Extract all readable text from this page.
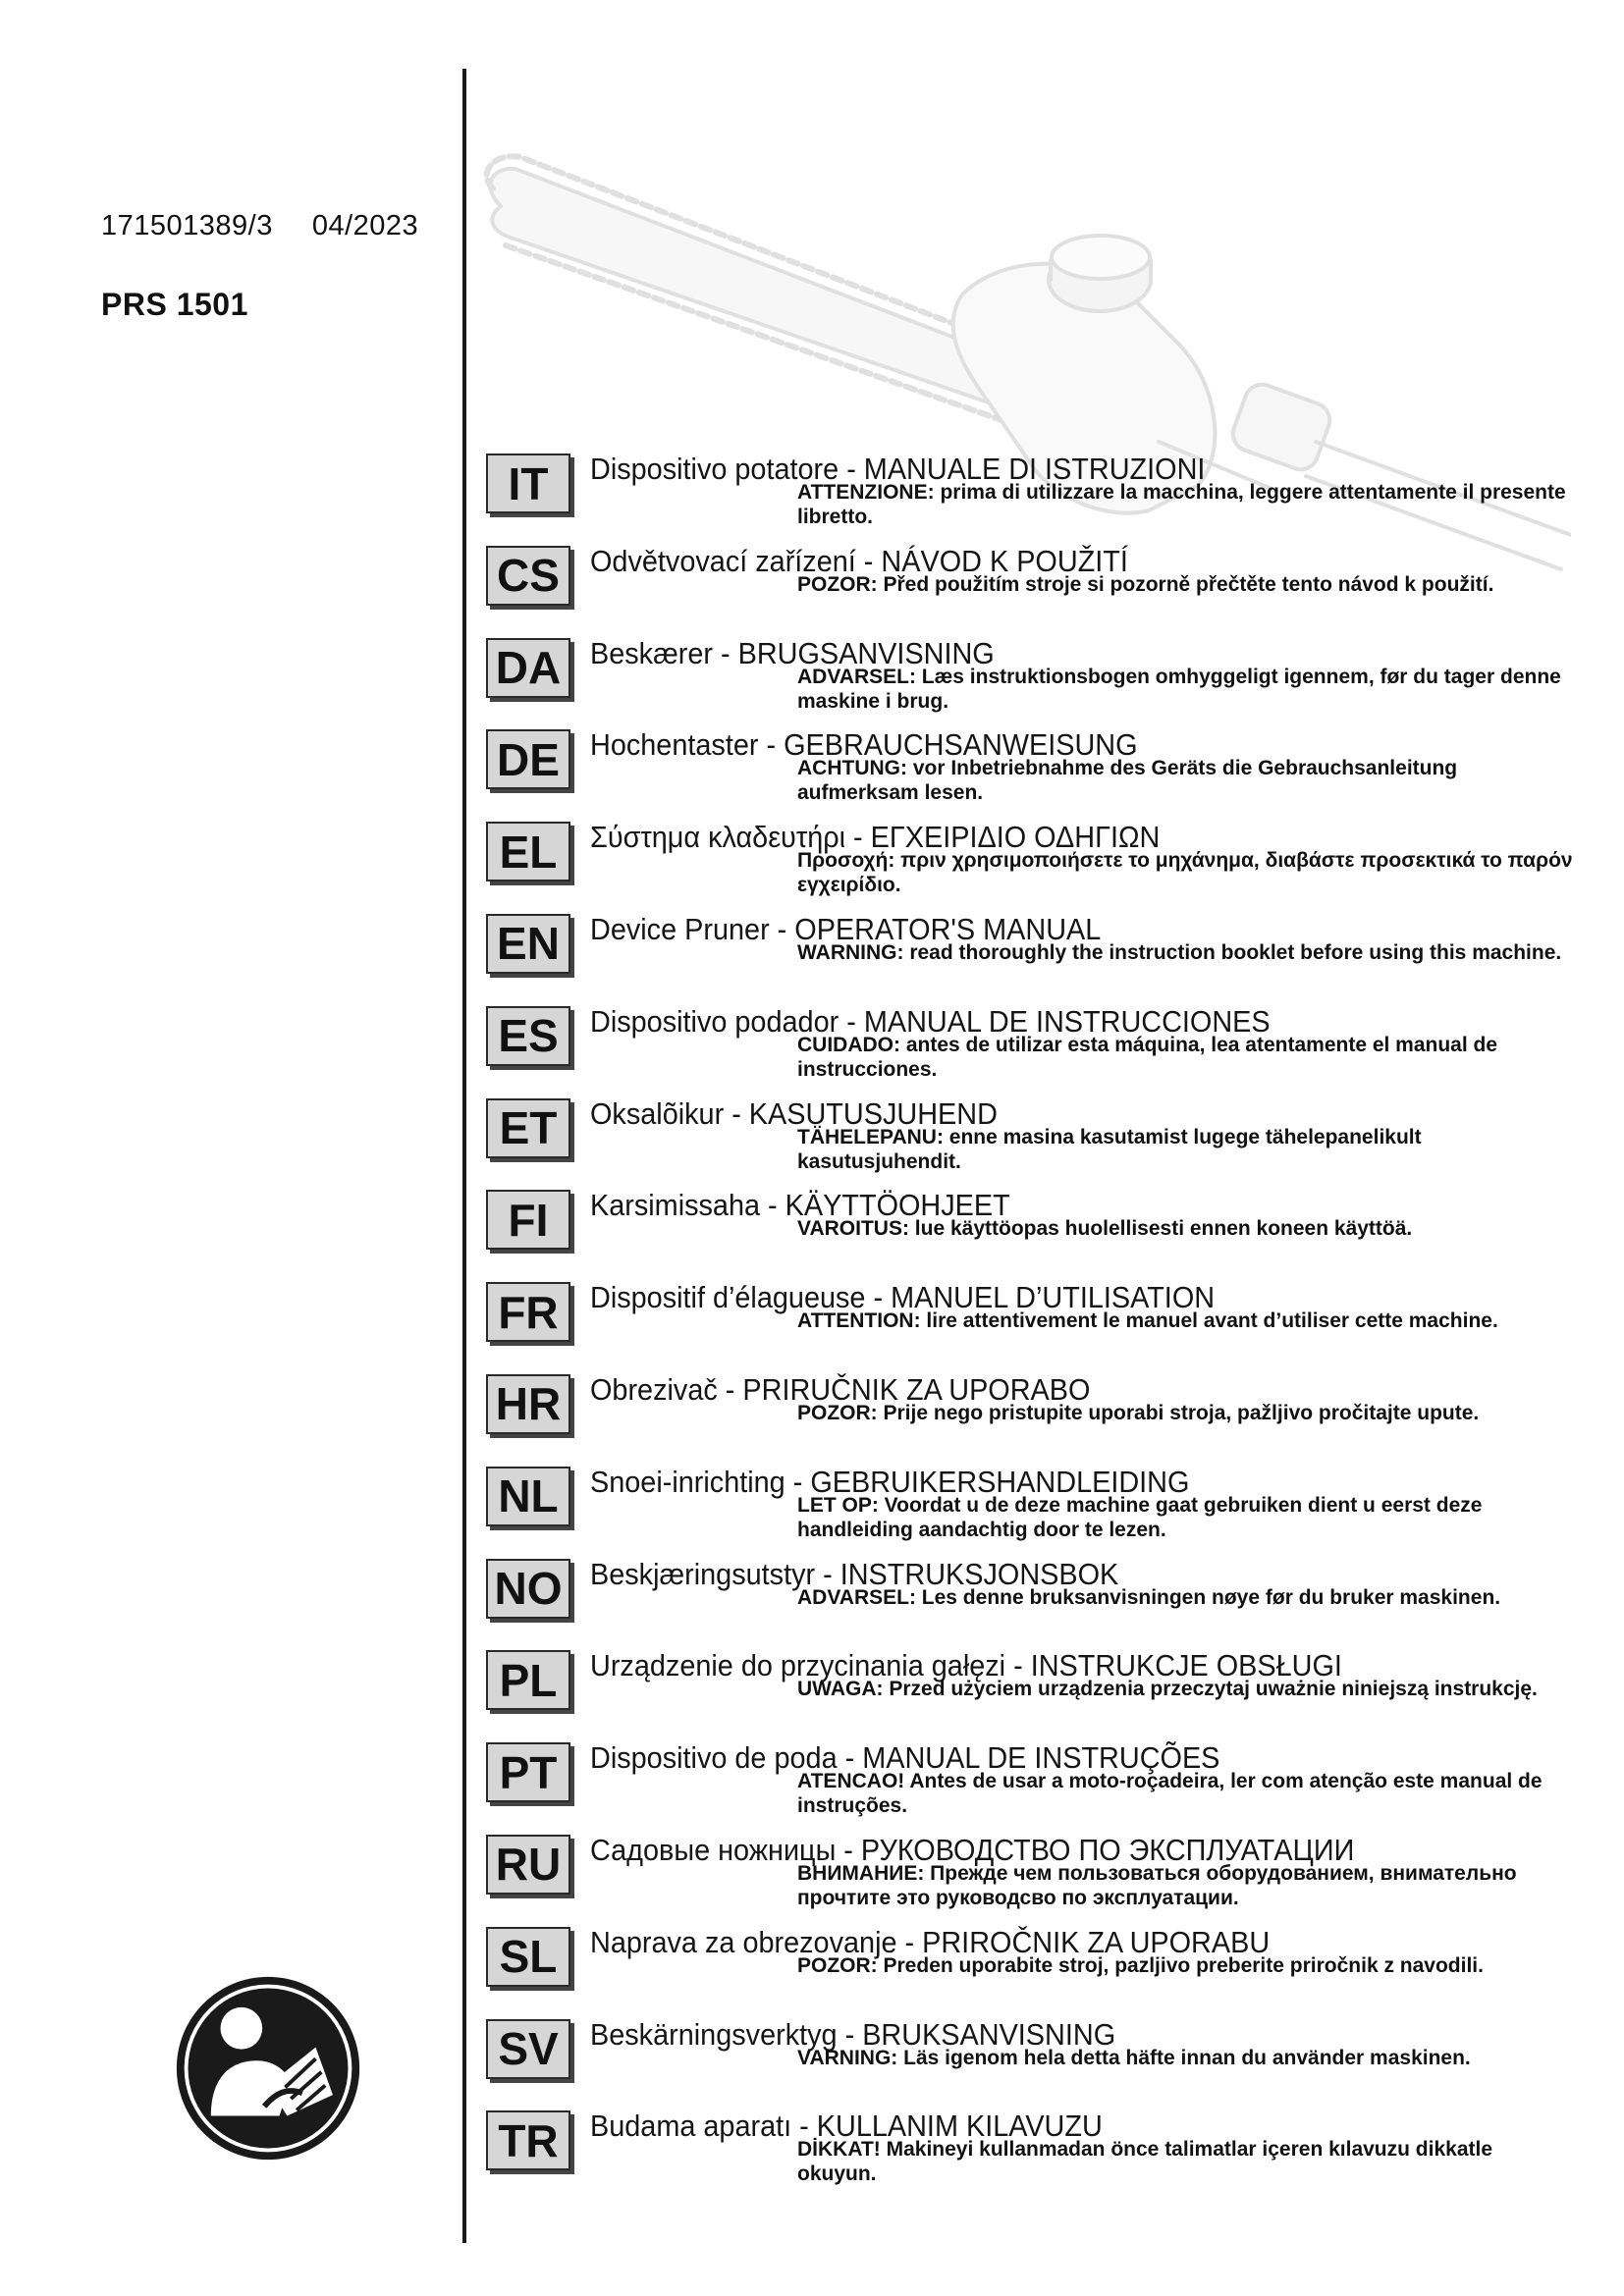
171501389/3 04/2023
PRS 1501
IT	Dispositivo potatore - MANUALE DI ISTRUZIONI
ATTENZIONE: prima di utilizzare la macchina, leggere attentamente il presente libretto.
CS	Odvětvovací zařízení - NÁVOD K POUŽITÍ
POZOR: Před použitím stroje si pozorně přečtěte tento návod k použití.
DA Beskærer - BRUGSANVISNING
ADVARSEL: Læs instruktionsbogen omhyggeligt igennem, før du tager denne maskine i brug.
DE	Hochentaster - GEBRAUCHSANWEISUNG
ACHTUNG: vor Inbetriebnahme des Geräts die Gebrauchsanleitung aufmerksam lesen.
EL	Σύστημα κλαδευτήρι - ΕΓΧΕΙΡΙΔΙΟ ΟΔΗΓΙΩΝ
Προσοχή: πριν χρησιμοποιήσετε το μηχάνημα, διαβάστε προσεκτικά το παρόν εγχειρίδιο.
EN	Device Pruner - OPERATOR'S MANUAL
WARNING: read thoroughly the instruction booklet before using this machine.
ES	Dispositivo podador - MANUAL DE INSTRUCCIONES
CUIDADO: antes de utilizar esta máquina, lea atentamente el manual de instrucciones.
ET	Oksalõikur - KASUTUSJUHEND
TÄHELEPANU: enne masina kasutamist lugege tähelepanelikult kasutusjuhendit.
FI	Karsimissaha - KÄYTTÖOHJEET
VAROITUS: lue käyttöopas huolellisesti ennen koneen käyttöä.
FR	Dispositif d’élagueuse - MANUEL D’UTILISATION
ATTENTION: lire attentivement le manuel avant d’utiliser cette machine.
HR Obrezivač - PRIRUČNIK ZA UPORABO
POZOR: Prije nego pristupite uporabi stroja, pažljivo pročitajte upute.
NL	Snoei-inrichting - GEBRUIKERSHANDLEIDING
LET OP: Voordat u de deze machine gaat gebruiken dient u eerst deze handleiding aandachtig door te lezen.
NO Beskjæringsutstyr - INSTRUKSJONSBOK
ADVARSEL: Les denne bruksanvisningen nøye før du bruker maskinen.
PL	Urządzenie do przycinania gałęzi - INSTRUKCJE OBSŁUGI
UWAGA: Przed użyciem urządzenia przeczytaj uważnie niniejszą instrukcję.
PT	Dispositivo de poda - MANUAL DE INSTRUÇÕES
ATENCAO! Antes de usar a moto-roçadeira, ler com atenção este manual de instruções.
RU Садовые ножницы - РУКОВОДСТВО ПО ЭКСПЛУАТАЦИИ
ВНИМАНИЕ: Прежде чем пользоваться оборудованием, внимательно прочтите это руководсво по эксплуатации.
SL	Naprava za obrezovanje - PRIROČNIK ZA UPORABU
POZOR: Preden uporabite stroj, pazljivo preberite priročnik z navodili.
SV	Beskärningsverktyg - BRUKSANVISNING
VARNING: Läs igenom hela detta häfte innan du använder maskinen.
TR	Budama aparatı - KULLANIM KILAVUZU
DİKKAT! Makineyi kullanmadan önce talimatlar içeren kılavuzu dikkatle okuyun.
